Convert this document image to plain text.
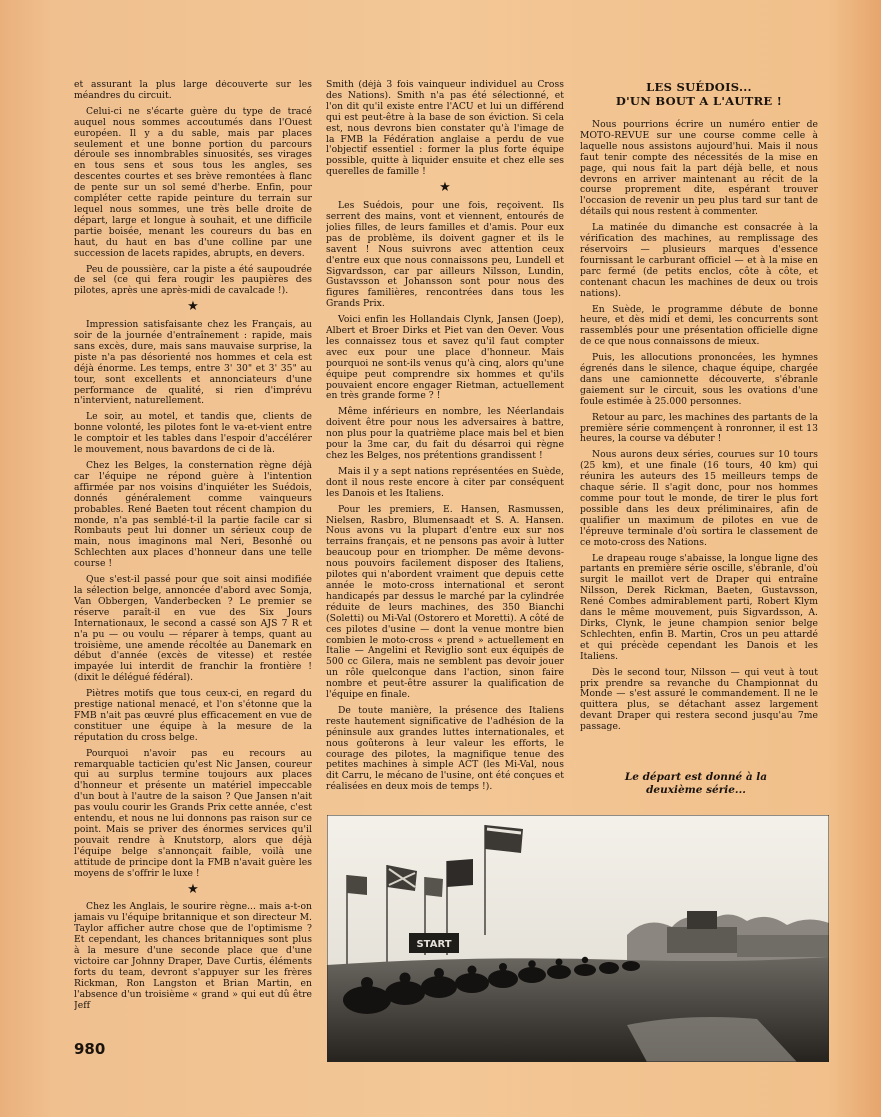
et assurant la plus large découverte sur les méandres du circuit.

Celui-ci ne s'écarte guère du type de tracé auquel nous sommes accoutumés dans l'Ouest européen. Il y a du sable, mais par places seulement et une bonne portion du parcours déroule ses innombrables sinuosités, ses virages en tous sens et sous tous les angles, ses descentes courtes et ses brève remontées à flanc de pente sur un sol semé d'herbe. Enfin, pour compléter cette rapide peinture du terrain sur lequel nous sommes, une très belle droite de départ, large et longue à souhait, et une difficile partie boisée, menant les coureurs du bas en haut, du haut en bas d'une colline par une succession de lacets rapides, abrupts, en devers.

Peu de poussière, car la piste a été saupoudrée de sel (ce qui fera rougir les paupières des pilotes, après une après-midi de cavalcade !).

★

Impression satisfaisante chez les Français, au soir de la journée d'entraînement : rapide, mais sans excès, dure, mais sans mauvaise surprise, la piste n'a pas désorienté nos hommes et cela est déjà énorme. Les temps, entre 3' 30" et 3' 35" au tour, sont excellents et annonciateurs d'une performance de qualité, si rien d'imprévu n'intervient, naturellement.

Le soir, au motel, et tandis que, clients de bonne volonté, les pilotes font le va-et-vient entre le comptoir et les tables dans l'espoir d'accélérer le mouvement, nous bavardons de ci de là.

Chez les Belges, la consternation règne déjà car l'équipe ne répond guère à l'intention affirmée par nos voisins d'inquiéter les Suédois, donnés généralement comme vainqueurs probables. René Baeten tout récent champion du monde, n'a pas semblé-t-il la partie facile car si Rombauts peut lui donner un sérieux coup de main, nous imaginons mal Neri, Besonhé ou Schlechten aux places d'honneur dans une telle course !

Que s'est-il passé pour que soit ainsi modifiée la sélection belge, annoncée d'abord avec Somja, Van Obbergen, Vanderbecken ? Le premier se réserve paraît-il en vue des Six Jours Internationaux, le second a cassé son AJS 7 R et n'a pu — ou voulu — réparer à temps, quant au troisième, une amende récoltée au Danemark en début d'année (excès de vitesse) et restée impayée lui interdit de franchir la frontière ! (dixit le délégué fédéral).

Piètres motifs que tous ceux-ci, en regard du prestige national menacé, et l'on s'étonne que la FMB n'ait pas œuvré plus efficacement en vue de constituer une équipe à la mesure de la réputation du cross belge.

Pourquoi n'avoir pas eu recours au remarquable tacticien qu'est Nic Jansen, coureur qui au surplus termine toujours aux places d'honneur et présente un matériel impeccable d'un bout à l'autre de la saison ? Que Jansen n'ait pas voulu courir les Grands Prix cette année, c'est entendu, et nous ne lui donnons pas raison sur ce point. Mais se priver des énormes services qu'il pouvait rendre à Knutstorp, alors que déjà l'équipe belge s'annonçait faible, voilà une attitude de principe dont la FMB n'avait guère les moyens de s'offrir le luxe !

★

Chez les Anglais, le sourire règne... mais a-t-on jamais vu l'équipe britannique et son directeur M. Taylor afficher autre chose que de l'optimisme ? Et cependant, les chances britanniques sont plus à la mesure d'une seconde place que d'une victoire car Johnny Draper, Dave Curtis, éléments forts du team, devront s'appuyer sur les frères Rickman, Ron Langston et Brian Martin, en l'absence d'un troisième « grand » qui eut dû être Jeff

Smith (déjà 3 fois vainqueur individuel au Cross des Nations). Smith n'a pas été sélectionné, et l'on dit qu'il existe entre l'ACU et lui un différend qui est peut-être à la base de son éviction. Si cela est, nous devrons bien constater qu'à l'image de la FMB la Fédération anglaise a perdu de vue l'objectif essentiel : former la plus forte équipe possible, quitte à liquider ensuite et chez elle ses querelles de famille !

★

Les Suédois, pour une fois, reçoivent. Ils serrent des mains, vont et viennent, entourés de jolies filles, de leurs familles et d'amis. Pour eux pas de problème, ils doivent gagner et ils le savent ! Nous suivrons avec attention ceux d'entre eux que nous connaissons peu, Lundell et Sigvardsson, car par ailleurs Nilsson, Lundin, Gustavsson et Johansson sont pour nous des figures familières, rencontrées dans tous les Grands Prix.

Voici enfin les Hollandais Clynk, Jansen (Joep), Albert et Broer Dirks et Piet van den Oever. Vous les connaissez tous et savez qu'il faut compter avec eux pour une place d'honneur. Mais pourquoi ne sont-ils venus qu'à cinq, alors qu'une équipe peut comprendre six hommes et qu'ils pouvaient encore engager Rietman, actuellement en très grande forme ? !

Même inférieurs en nombre, les Néerlandais doivent être pour nous les adversaires à battre, non plus pour la quatrième place mais bel et bien pour la 3me car, du fait du désarroi qui règne chez les Belges, nos prétentions grandissent !

Mais il y a sept nations représentées en Suède, dont il nous reste encore à citer par conséquent les Danois et les Italiens.

Pour les premiers, E. Hansen, Rasmussen, Nielsen, Rasbro, Blumensaadt et S. A. Hansen. Nous avons vu la plupart d'entre eux sur nos terrains français, et ne pensons pas avoir à lutter beaucoup pour en triompher. De même devons-nous pouvoirs facilement disposer des Italiens, pilotes qui n'abordent vraiment que depuis cette année le moto-cross international et seront handicapés par dessus le marché par la cylindrée réduite de leurs machines, des 350 Bianchi (Soletti) ou Mi-Val (Ostorero et Moretti). A côté de ces pilotes d'usine — dont la venue montre bien combien le moto-cross « prend » actuellement en Italie — Angelini et Reviglio sont eux équipés de 500 cc Gilera, mais ne semblent pas devoir jouer un rôle quelconque dans l'action, sinon faire nombre et peut-être assurer la qualification de l'équipe en finale.

De toute manière, la présence des Italiens reste hautement significative de l'adhésion de la péninsule aux grandes luttes internationales, et nous goûterons à leur valeur les efforts, le courage des pilotes, la magnifique tenue des petites machines à simple ACT (les Mi-Val, nous dit Carru, le mécano de l'usine, ont été conçues et réalisées en deux mois de temps !).

LES SUÉDOIS...
D'UN BOUT A L'AUTRE !

Nous pourrions écrire un numéro entier de MOTO-REVUE sur une course comme celle à laquelle nous assistons aujourd'hui. Mais il nous faut tenir compte des nécessités de la mise en page, qui nous fait la part déjà belle, et nous devrons en arriver maintenant au récit de la course proprement dite, espérant trouver l'occasion de revenir un peu plus tard sur tant de détails qui nous restent à commenter.

La matinée du dimanche est consacrée à la vérification des machines, au remplissage des réservoirs — plusieurs marques d'essence fournissant le carburant officiel — et à la mise en parc fermé (de petits enclos, côte à côte, et contenant chacun les machines de deux ou trois nations).

En Suède, le programme débute de bonne heure, et dès midi et demi, les concurrents sont rassemblés pour une présentation officielle digne de ce que nous connaissons de mieux.

Puis, les allocutions prononcées, les hymnes égrenés dans le silence, chaque équipe, chargée dans une camionnette découverte, s'ébranle gaiement sur le circuit, sous les ovations d'une foule estimée à 25.000 personnes.

Retour au parc, les machines des partants de la première série commençent à ronronner, il est 13 heures, la course va débuter !

Nous aurons deux séries, courues sur 10 tours (25 km), et une finale (16 tours, 40 km) qui réunira les auteurs des 15 meilleurs temps de chaque série. Il s'agit donc, pour nos hommes comme pour tout le monde, de tirer le plus fort possible dans les deux préliminaires, afin de qualifier un maximum de pilotes en vue de l'épreuve terminale d'où sortira le classement de ce moto-cross des Nations.

Le drapeau rouge s'abaisse, la longue ligne des partants en première série oscille, s'ébranle, d'où surgit le maillot vert de Draper qui entraîne Nilsson, Derek Rickman, Baeten, Gustavsson, René Combes admirablement parti, Robert Klym dans le même mouvement, puis Sigvardsson, A. Dirks, Clynk, le jeune champion senior belge Schlechten, enfin B. Martin, Cros un peu attardé et qui précède cependant les Danois et les Italiens.

Dès le second tour, Nilsson — qui veut à tout prix prendre sa revanche du Championnat du Monde — s'est assuré le commandement. Il ne le quittera plus, se détachant assez largement devant Draper qui restera second jusqu'au 7me passage.

Le départ est donné à la
deuxième série...
START
980
